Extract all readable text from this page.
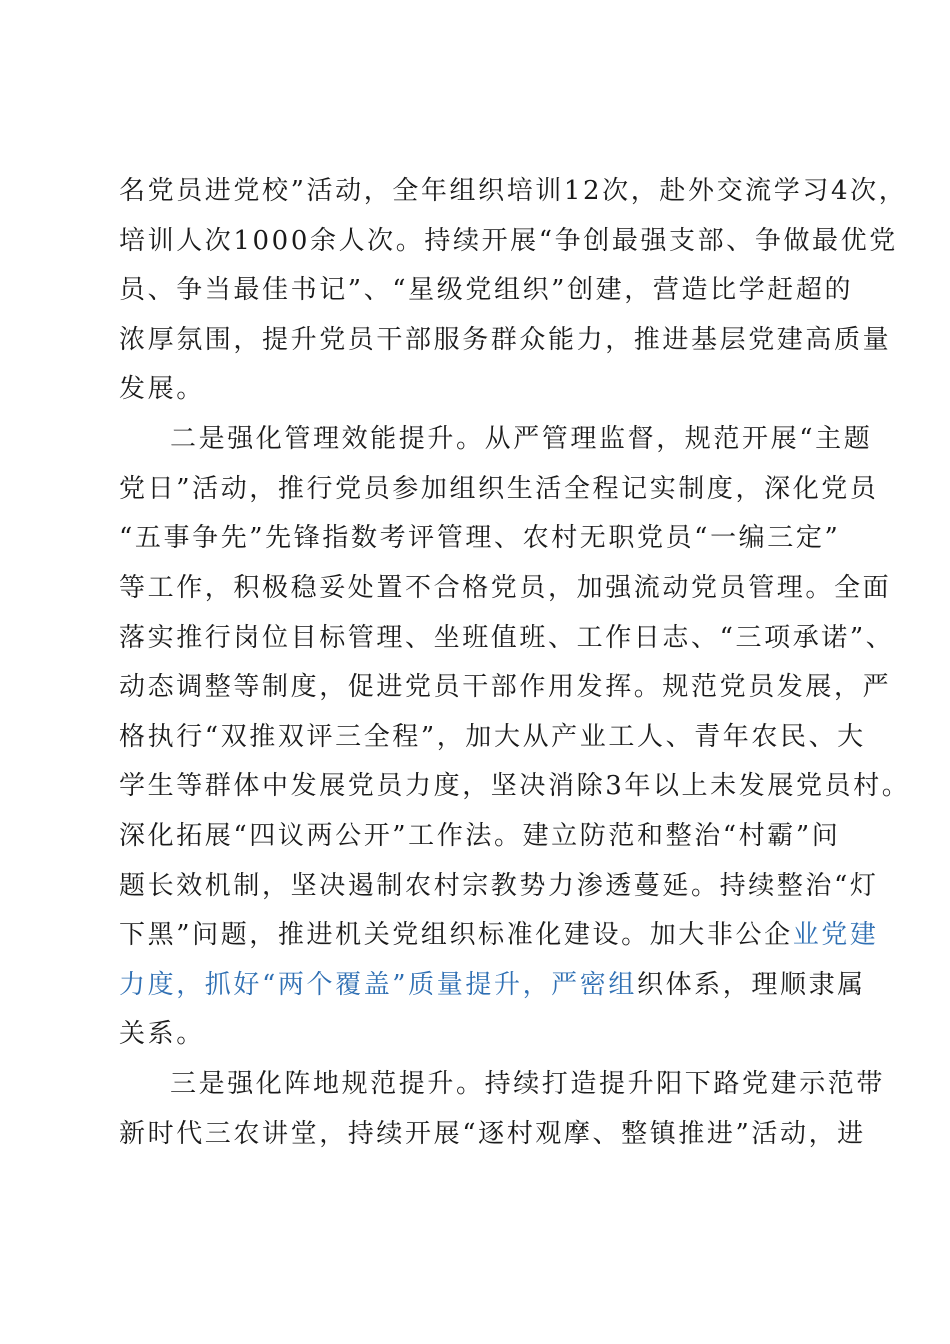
名党员进党校”活动，全年组织培训12次，赴外交流学习4次，
培训人次1000余人次。持续开展“争创最强支部、争做最优党
员、争当最佳书记”、“星级党组织”创建，营造比学赶超的
浓厚氛围，提升党员干部服务群众能力，推进基层党建高质量
发展。
二是强化管理效能提升。从严管理监督，规范开展“主题
党日”活动，推行党员参加组织生活全程记实制度，深化党员
“五事争先”先锋指数考评管理、农村无职党员“一编三定”
等工作，积极稳妥处置不合格党员，加强流动党员管理。全面
落实推行岗位目标管理、坐班值班、工作日志、“三项承诺”、
动态调整等制度，促进党员干部作用发挥。规范党员发展，严
格执行“双推双评三全程”，加大从产业工人、青年农民、大
学生等群体中发展党员力度，坚决消除3年以上未发展党员村。
深化拓展“四议两公开”工作法。建立防范和整治“村霸”问
题长效机制，坚决遏制农村宗教势力渗透蔓延。持续整治“灯
下黑”问题，推进机关党组织标准化建设。加大非公企业党建
力度，抓好“两个覆盖”质量提升，严密组织体系，理顺隶属
关系。
三是强化阵地规范提升。持续打造提升阳下路党建示范带
新时代三农讲堂，持续开展“逐村观摩、整镇推进”活动，进
